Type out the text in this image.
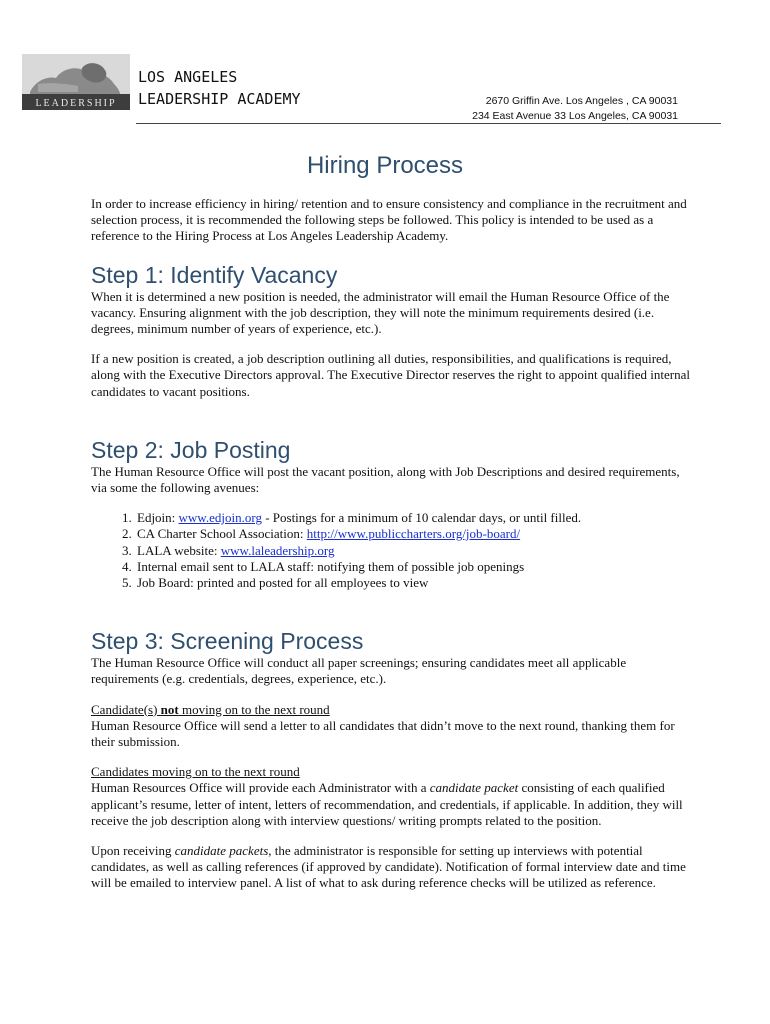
LEADERSHIP
LOS ANGELES
LEADERSHIP ACADEMY	2670 Griffin Ave. Los Angeles , CA 90031
234 East Avenue 33 Los Angeles, CA 90031
Hiring Process

In order to increase efficiency in hiring/ retention and to ensure consistency and compliance in the recruitment and selection process, it is recommended the following steps be followed. This policy is intended to be used as a reference to the Hiring Process at Los Angeles Leadership Academy.

Step 1: Identify Vacancy

When it is determined a new position is needed, the administrator will email the Human Resource Office of the vacancy. Ensuring alignment with the job description, they will note the minimum requirements desired (i.e. degrees, minimum number of years of experience, etc.).

If a new position is created, a job description outlining all duties, responsibilities, and qualifications is required, along with the Executive Directors approval. The Executive Director reserves the right to appoint qualified internal candidates to vacant positions.

Step 2: Job Posting

The Human Resource Office will post the vacant position, along with Job Descriptions and desired requirements, via some the following avenues:

1. Edjoin: www.edjoin.org - Postings for a minimum of 10 calendar days, or until filled.
2. CA Charter School Association: http://www.publiccharters.org/job-board/
3. LALA website: www.laleadership.org
4. Internal email sent to LALA staff: notifying them of possible job openings
5. Job Board: printed and posted for all employees to view
Step 3: Screening Process

The Human Resource Office will conduct all paper screenings; ensuring candidates meet all applicable requirements (e.g. credentials, degrees, experience, etc.).

Candidate(s) not moving on to the next round

Human Resource Office will send a letter to all candidates that didn’t move to the next round, thanking them for their submission.

Candidates moving on to the next round

Human Resources Office will provide each Administrator with a candidate packet consisting of each qualified applicant’s resume, letter of intent, letters of recommendation, and credentials, if applicable. In addition, they will receive the job description along with interview questions/ writing prompts related to the position.

Upon receiving candidate packets, the administrator is responsible for setting up interviews with potential candidates, as well as calling references (if approved by candidate). Notification of formal interview date and time will be emailed to interview panel. A list of what to ask during reference checks will be utilized as reference.
